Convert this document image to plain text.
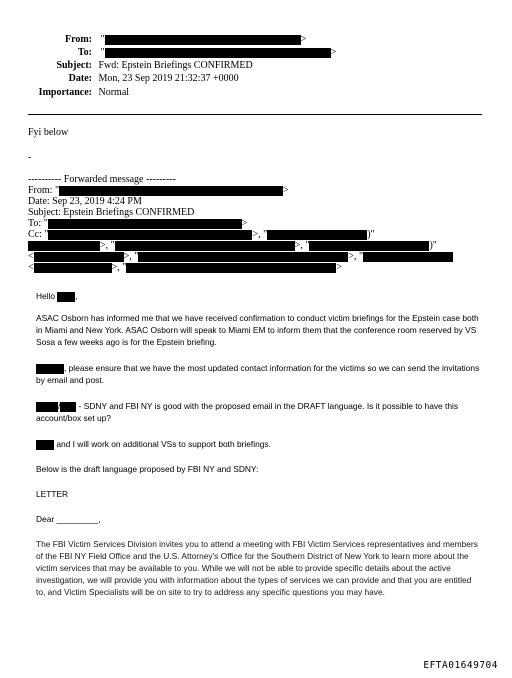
From: "	>
To: "	>
Subject: Fwd: Epstein Briefings CONFIRMED
Date: Mon, 23 Sep 2019 21:32:37 +0000
Importance: Normal
Fyi below
-
---------- Forwarded message ---------
From: "	>
Date: Sep 23, 2019 4:24 PM
Subject: Epstein Briefings CONFIRMED
To: "	>
Cc: "	>, "	)"
>, "	>, "	)"
<	>, "	>, "
<	>, "	>
Hello ,
ASAC Osborn has informed me that we have received confirmation to conduct victim briefings for the Epstein case both in Miami and New York. ASAC Osborn will speak to Miami EM to inform them that the conference room reserved by VS Sosa a few weeks ago is for the Epstein briefing.
, please ensure that we have the most updated contact information for the victims so we can send the invitations by email and post.
/ - SDNY and FBI NY is good with the proposed email in the DRAFT language. Is it possible to have this account/box set up?
and I will work on additional VSs to support both briefings.
Below is the draft language proposed by FBI NY and SDNY:
LETTER
Dear _________,
The FBI Victim Services Division invites you to attend a meeting with FBI Victim Services representatives and members of the FBI NY Field Office and the U.S. Attorney's Office for the Southern District of New York to learn more about the victim services that may be available to you. While we will not be able to provide specific details about the active investigation, we will provide you with information about the types of services we can provide and that you are entitled to, and Victim Specialists will be on site to try to address any specific questions you may have.
EFTA01649704
